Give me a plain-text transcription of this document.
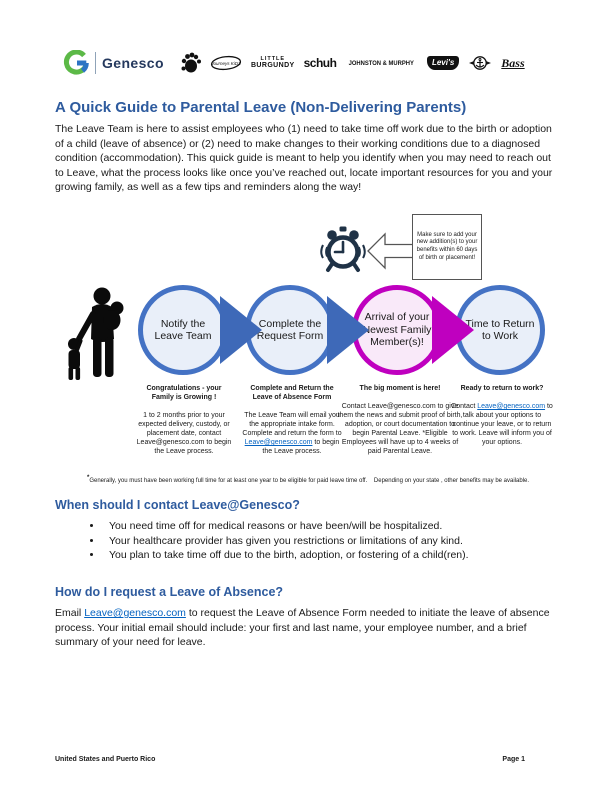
Genesco	Journeys KiDZ
LITTLE
BURGUNDY schuh JOHNSTON & MURPHY	Levi's	Bass
A Quick Guide to Parental Leave (Non-Delivering Parents)
The Leave Team is here to assist employees who (1) need to take time off work due to the birth or adoption of a child (leave of absence) or (2) need to make changes to their working conditions due to a diagnosed condition (accommodation). This quick guide is meant to help you identify when you may need to reach out to Leave, what the process looks like once you’ve reached out, locate important resources for you and your growing family, as well as a few tips and reminders along the way!
Make sure to add your new addition(s) to your benefits within 60 days of birth or placement!
Notify the Leave Team
Complete the Request Form
Arrival of your Newest Family Member(s)!
Time to Return to Work
Congratulations - your Family is Growing !
1 to 2 months prior to your expected delivery, custody, or placement date, contact Leave@genesco.com to begin the Leave process.
Complete and Return the Leave of Absence Form
The Leave Team will email you the appropriate intake form. Complete and return the form to Leave@genesco.com to begin the Leave process.
The big moment is here!
Contact Leave@genesco.com to give them the news and submit proof of birth, adoption, or court documentation to begin Parental Leave. *Eligible Employees will have up to 4 weeks of paid Parental Leave.
Ready to return to work?
Contact Leave@genesco.com to talk about your options to continue your leave, or to return to work. Leave will inform you of your options.
*Generally, you must have been working full time for at least one year to be eligible for paid leave time off.    Depending on your state , other benefits may be available.
When should I contact Leave@Genesco?
• You need time off for medical reasons or have been/will be hospitalized.
• Your healthcare provider has given you restrictions or limitations of any kind.
• You plan to take time off due to the birth, adoption, or fostering of a child(ren).
How do I request a Leave of Absence?
Email Leave@genesco.com to request the Leave of Absence Form needed to initiate the leave of absence process. Your initial email should include: your first and last name, your employee number, and a brief summary of your need for leave.
United States and Puerto Rico	Page 1
